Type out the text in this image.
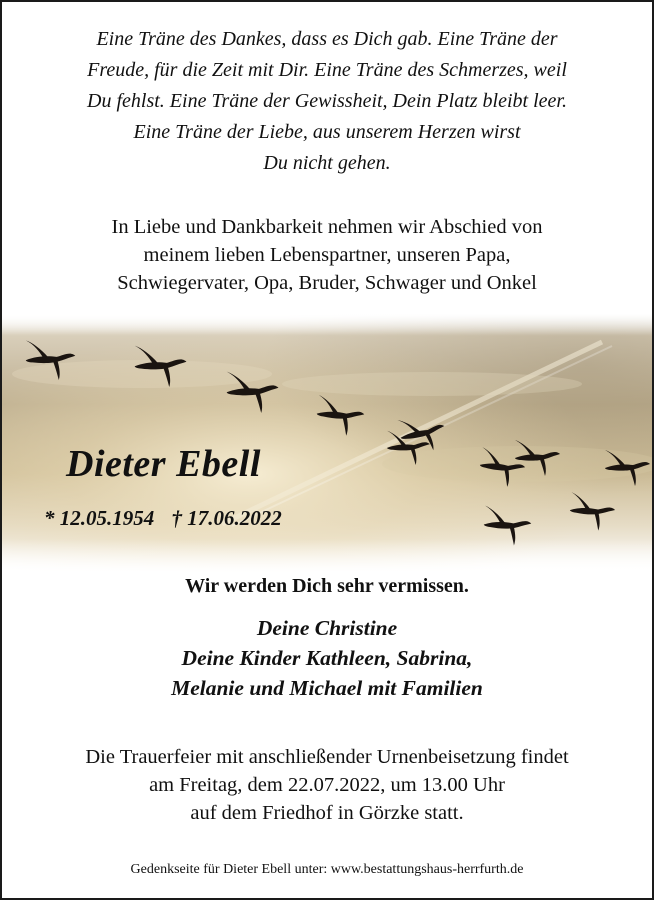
Eine Träne des Dankes, dass es Dich gab. Eine Träne der
Freude, für die Zeit mit Dir. Eine Träne des Schmerzes, weil
Du fehlst. Eine Träne der Gewissheit, Dein Platz bleibt leer.
Eine Träne der Liebe, aus unserem Herzen wirst
Du nicht gehen.
In Liebe und Dankbarkeit nehmen wir Abschied von
meinem lieben Lebenspartner, unseren Papa,
Schwiegervater, Opa, Bruder, Schwager und Onkel
Dieter Ebell
* 12.05.1954 † 17.06.2022
Wir werden Dich sehr vermissen.
Deine Christine
Deine Kinder Kathleen, Sabrina,
Melanie und Michael mit Familien
Die Trauerfeier mit anschließender Urnenbeisetzung findet
am Freitag, dem 22.07.2022, um 13.00 Uhr
auf dem Friedhof in Görzke statt.
Gedenkseite für Dieter Ebell unter: www.bestattungshaus-herrfurth.de
